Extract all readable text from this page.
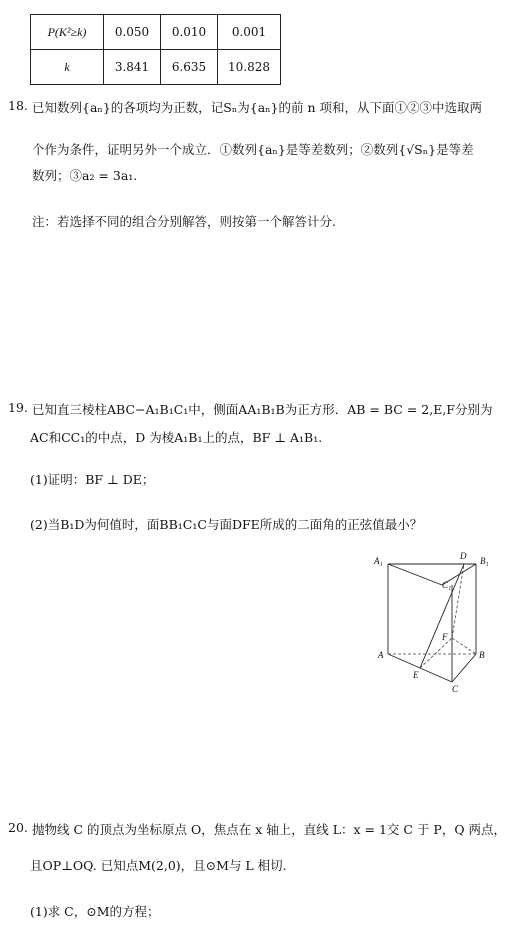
P(K²≥k)	0.050	0.010	0.001
k	3.841	6.635	10.828
18. 已知数列{aₙ}的各项均为正数，记Sₙ为{aₙ}的前 n 项和，从下面①②③中选取两
个作为条件，证明另外一个成立．①数列{aₙ}是等差数列；②数列{√Sₙ}是等差
数列；③a₂ = 3a₁.
注：若选择不同的组合分别解答，则按第一个解答计分.
19. 已知直三棱柱ABC−A₁B₁C₁中，侧面AA₁B₁B为正方形．AB = BC = 2,E,F分别为
AC和CC₁的中点，D 为棱A₁B₁上的点，BF ⊥ A₁B₁.
(1)证明：BF ⊥ DE；
(2)当B₁D为何值时，面BB₁C₁C与面DFE所成的二面角的正弦值最小？
A₁	D B₁
C₁
F
A	B
E
C
20. 抛物线 C 的顶点为坐标原点 O，焦点在 x 轴上，直线 L：x = 1交 C 于 P，Q 两点，
且OP⊥OQ. 已知点M(2,0)，且⊙M与 L 相切.
(1)求 C，⊙M的方程；
